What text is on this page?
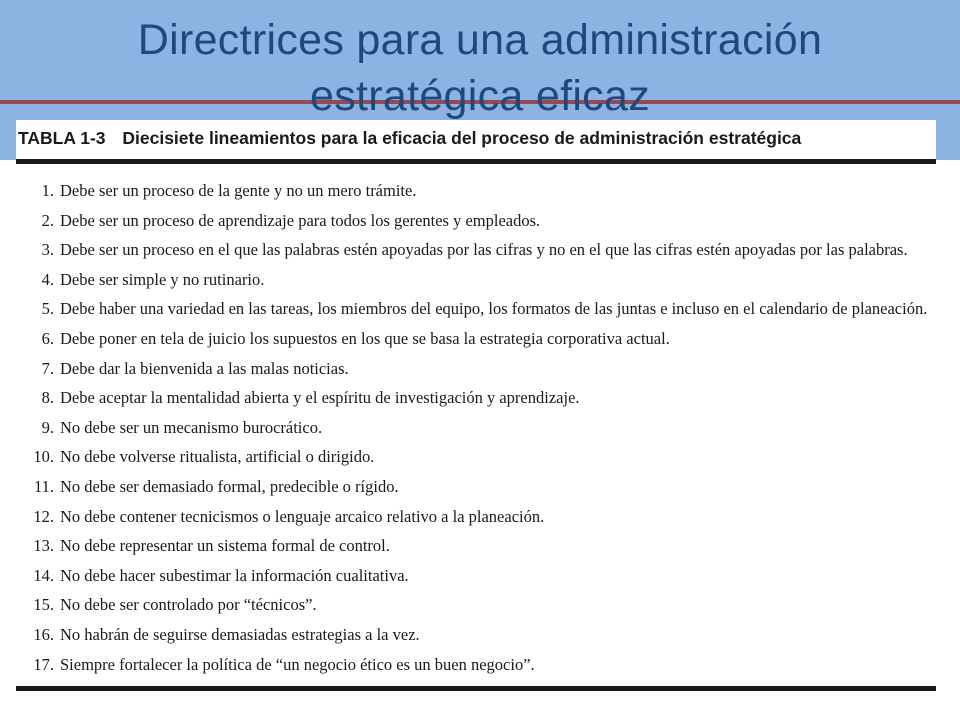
Directrices para una administración estratégica eficaz
TABLA 1-3 Diecisiete lineamientos para la eficacia del proceso de administración estratégica
1. Debe ser un proceso de la gente y no un mero trámite.
2. Debe ser un proceso de aprendizaje para todos los gerentes y empleados.
3. Debe ser un proceso en el que las palabras estén apoyadas por las cifras y no en el que las cifras estén apoyadas por las palabras.
4. Debe ser simple y no rutinario.
5. Debe haber una variedad en las tareas, los miembros del equipo, los formatos de las juntas e incluso en el calendario de planeación.
6. Debe poner en tela de juicio los supuestos en los que se basa la estrategia corporativa actual.
7. Debe dar la bienvenida a las malas noticias.
8. Debe aceptar la mentalidad abierta y el espíritu de investigación y aprendizaje.
9. No debe ser un mecanismo burocrático.
10. No debe volverse ritualista, artificial o dirigido.
11. No debe ser demasiado formal, predecible o rígido.
12. No debe contener tecnicismos o lenguaje arcaico relativo a la planeación.
13. No debe representar un sistema formal de control.
14. No debe hacer subestimar la información cualitativa.
15. No debe ser controlado por “técnicos”.
16. No habrán de seguirse demasiadas estrategias a la vez.
17. Siempre fortalecer la política de “un negocio ético es un buen negocio”.
